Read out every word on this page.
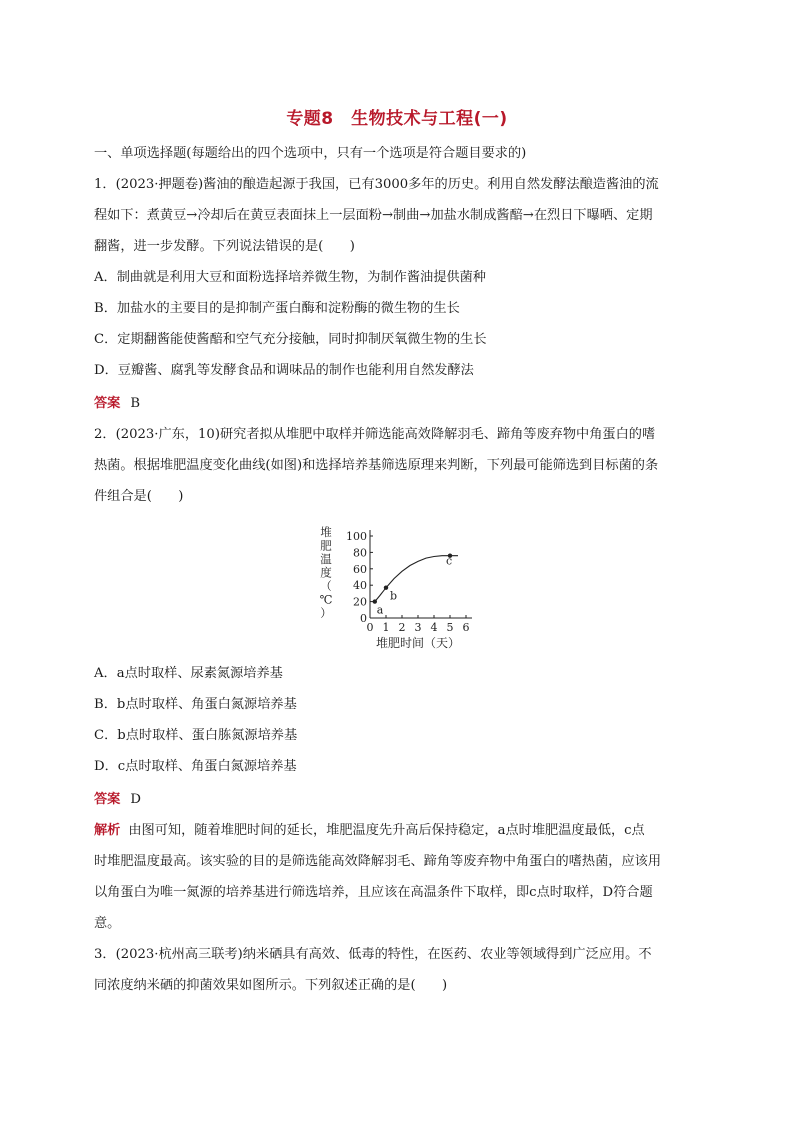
专题8　生物技术与工程(一)
一、单项选择题(每题给出的四个选项中，只有一个选项是符合题目要求的)
1．(2023·押题卷)酱油的酿造起源于我国，已有3000多年的历史。利用自然发酵法酿造酱油的流
程如下：煮黄豆→冷却后在黄豆表面抹上一层面粉→制曲→加盐水制成酱醅→在烈日下曝晒、定期
翻酱，进一步发酵。下列说法错误的是(　　)
A．制曲就是利用大豆和面粉选择培养微生物，为制作酱油提供菌种
B．加盐水的主要目的是抑制产蛋白酶和淀粉酶的微生物的生长
C．定期翻酱能使酱醅和空气充分接触，同时抑制厌氧微生物的生长
D．豆瓣酱、腐乳等发酵食品和调味品的制作也能利用自然发酵法
答案 B
2．(2023·广东，10)研究者拟从堆肥中取样并筛选能高效降解羽毛、蹄角等废弃物中角蛋白的嗜
热菌。根据堆肥温度变化曲线(如图)和选择培养基筛选原理来判断，下列最可能筛选到目标菌的条
件组合是(　　)
0
20
40
60
80
100
0 1 2 3 4 5 6
a
b
c
堆
肥
温
度
（
℃
）
堆肥时间（天）
A．a点时取样、尿素氮源培养基
B．b点时取样、角蛋白氮源培养基
C．b点时取样、蛋白胨氮源培养基
D．c点时取样、角蛋白氮源培养基
答案 D
解析 由图可知，随着堆肥时间的延长，堆肥温度先升高后保持稳定，a点时堆肥温度最低，c点
时堆肥温度最高。该实验的目的是筛选能高效降解羽毛、蹄角等废弃物中角蛋白的嗜热菌，应该用
以角蛋白为唯一氮源的培养基进行筛选培养，且应该在高温条件下取样，即c点时取样，D符合题
意。
3．(2023·杭州高三联考)纳米硒具有高效、低毒的特性，在医药、农业等领域得到广泛应用。不
同浓度纳米硒的抑菌效果如图所示。下列叙述正确的是(　　)
